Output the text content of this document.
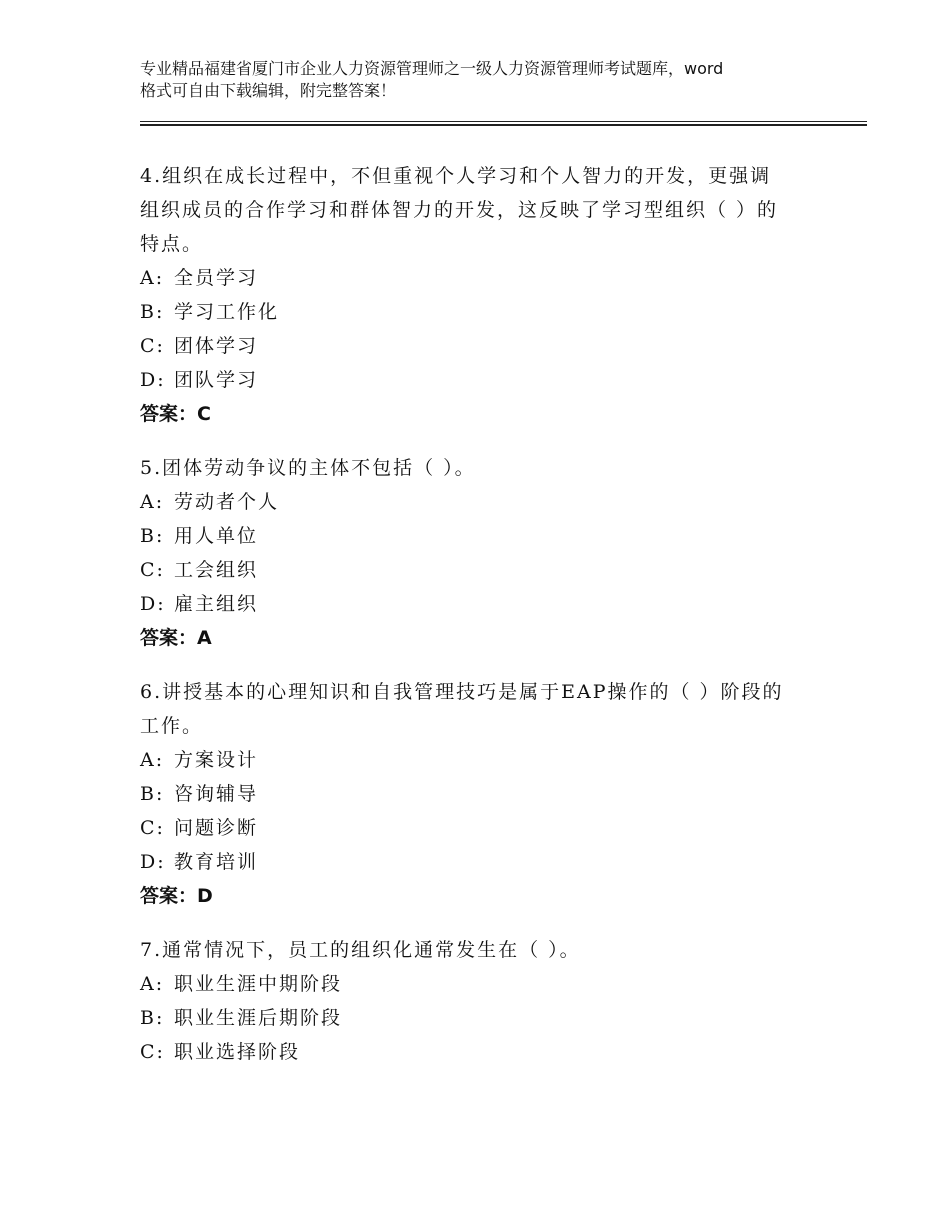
专业精品福建省厦门市企业人力资源管理师之一级人力资源管理师考试题库，word
格式可自由下载编辑，附完整答案！

4.组织在成长过程中，不但重视个人学习和个人智力的开发，更强调

组织成员的合作学习和群体智力的开发，这反映了学习型组织（ ）的

特点。

A: 全员学习

B: 学习工作化

C: 团体学习

D: 团队学习

答案：C

5.团体劳动争议的主体不包括（ ）。

A: 劳动者个人

B: 用人单位

C: 工会组织

D: 雇主组织

答案：A

6.讲授基本的心理知识和自我管理技巧是属于EAP操作的（ ）阶段的

工作。

A: 方案设计

B: 咨询辅导

C: 问题诊断

D: 教育培训

答案：D

7.通常情况下，员工的组织化通常发生在（ ）。

A: 职业生涯中期阶段

B: 职业生涯后期阶段

C: 职业选择阶段
